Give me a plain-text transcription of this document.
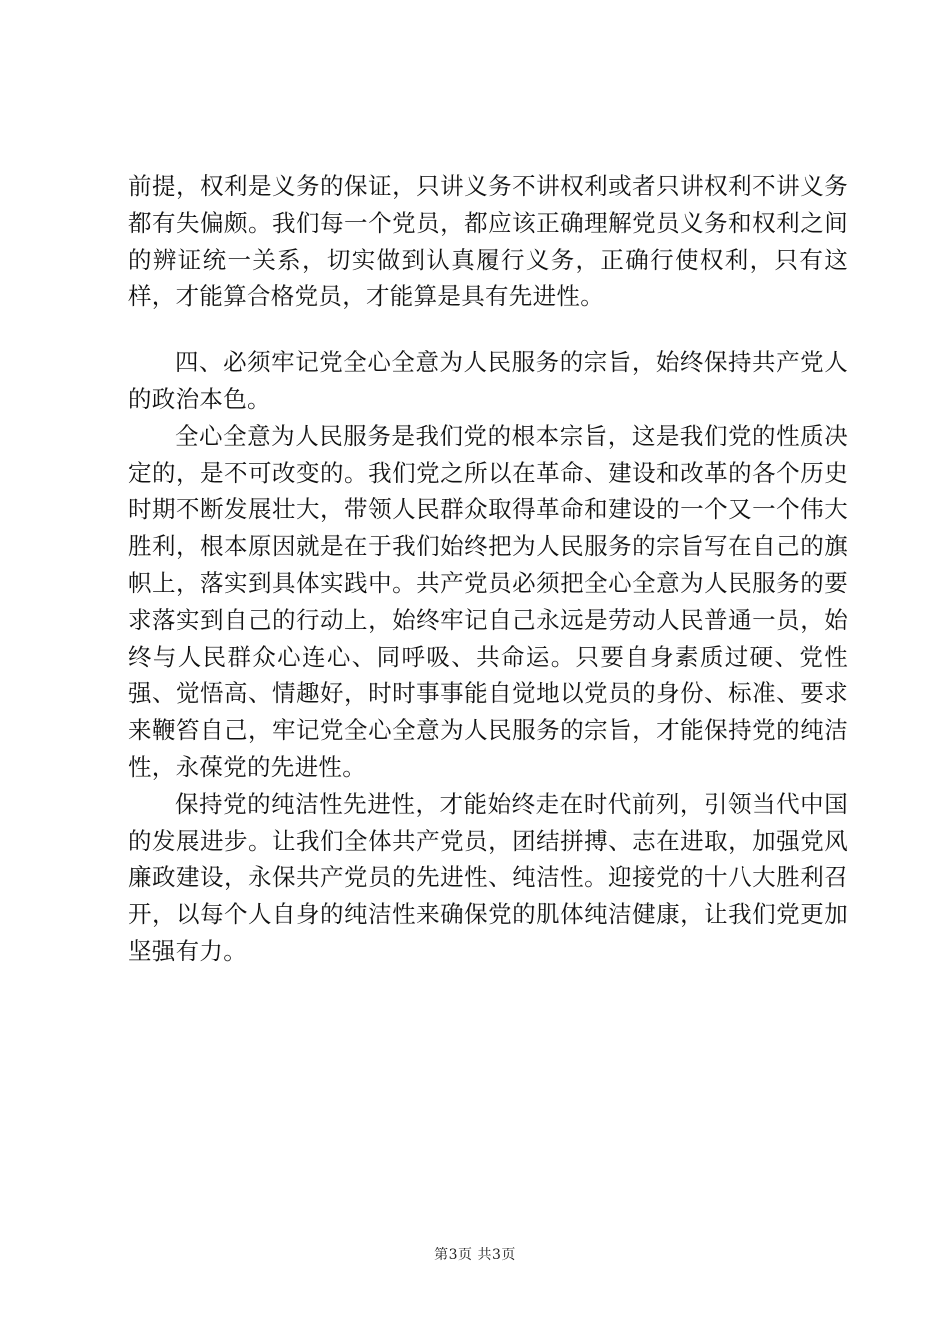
前提，权利是义务的保证，只讲义务不讲权利或者只讲权利不讲义务都有失偏颇。我们每一个党员，都应该正确理解党员义务和权利之间的辨证统一关系，切实做到认真履行义务，正确行使权利，只有这样，才能算合格党员，才能算是具有先进性。

四、必须牢记党全心全意为人民服务的宗旨，始终保持共产党人的政治本色。

全心全意为人民服务是我们党的根本宗旨，这是我们党的性质决定的，是不可改变的。我们党之所以在革命、建设和改革的各个历史时期不断发展壮大，带领人民群众取得革命和建设的一个又一个伟大胜利，根本原因就是在于我们始终把为人民服务的宗旨写在自己的旗帜上，落实到具体实践中。共产党员必须把全心全意为人民服务的要求落实到自己的行动上，始终牢记自己永远是劳动人民普通一员，始终与人民群众心连心、同呼吸、共命运。只要自身素质过硬、党性强、觉悟高、情趣好，时时事事能自觉地以党员的身份、标准、要求来鞭笞自己，牢记党全心全意为人民服务的宗旨，才能保持党的纯洁性，永葆党的先进性。

保持党的纯洁性先进性，才能始终走在时代前列，引领当代中国的发展进步。让我们全体共产党员，团结拼搏、志在进取，加强党风廉政建设，永保共产党员的先进性、纯洁性。迎接党的十八大胜利召开，以每个人自身的纯洁性来确保党的肌体纯洁健康，让我们党更加坚强有力。

第3页 共3页
